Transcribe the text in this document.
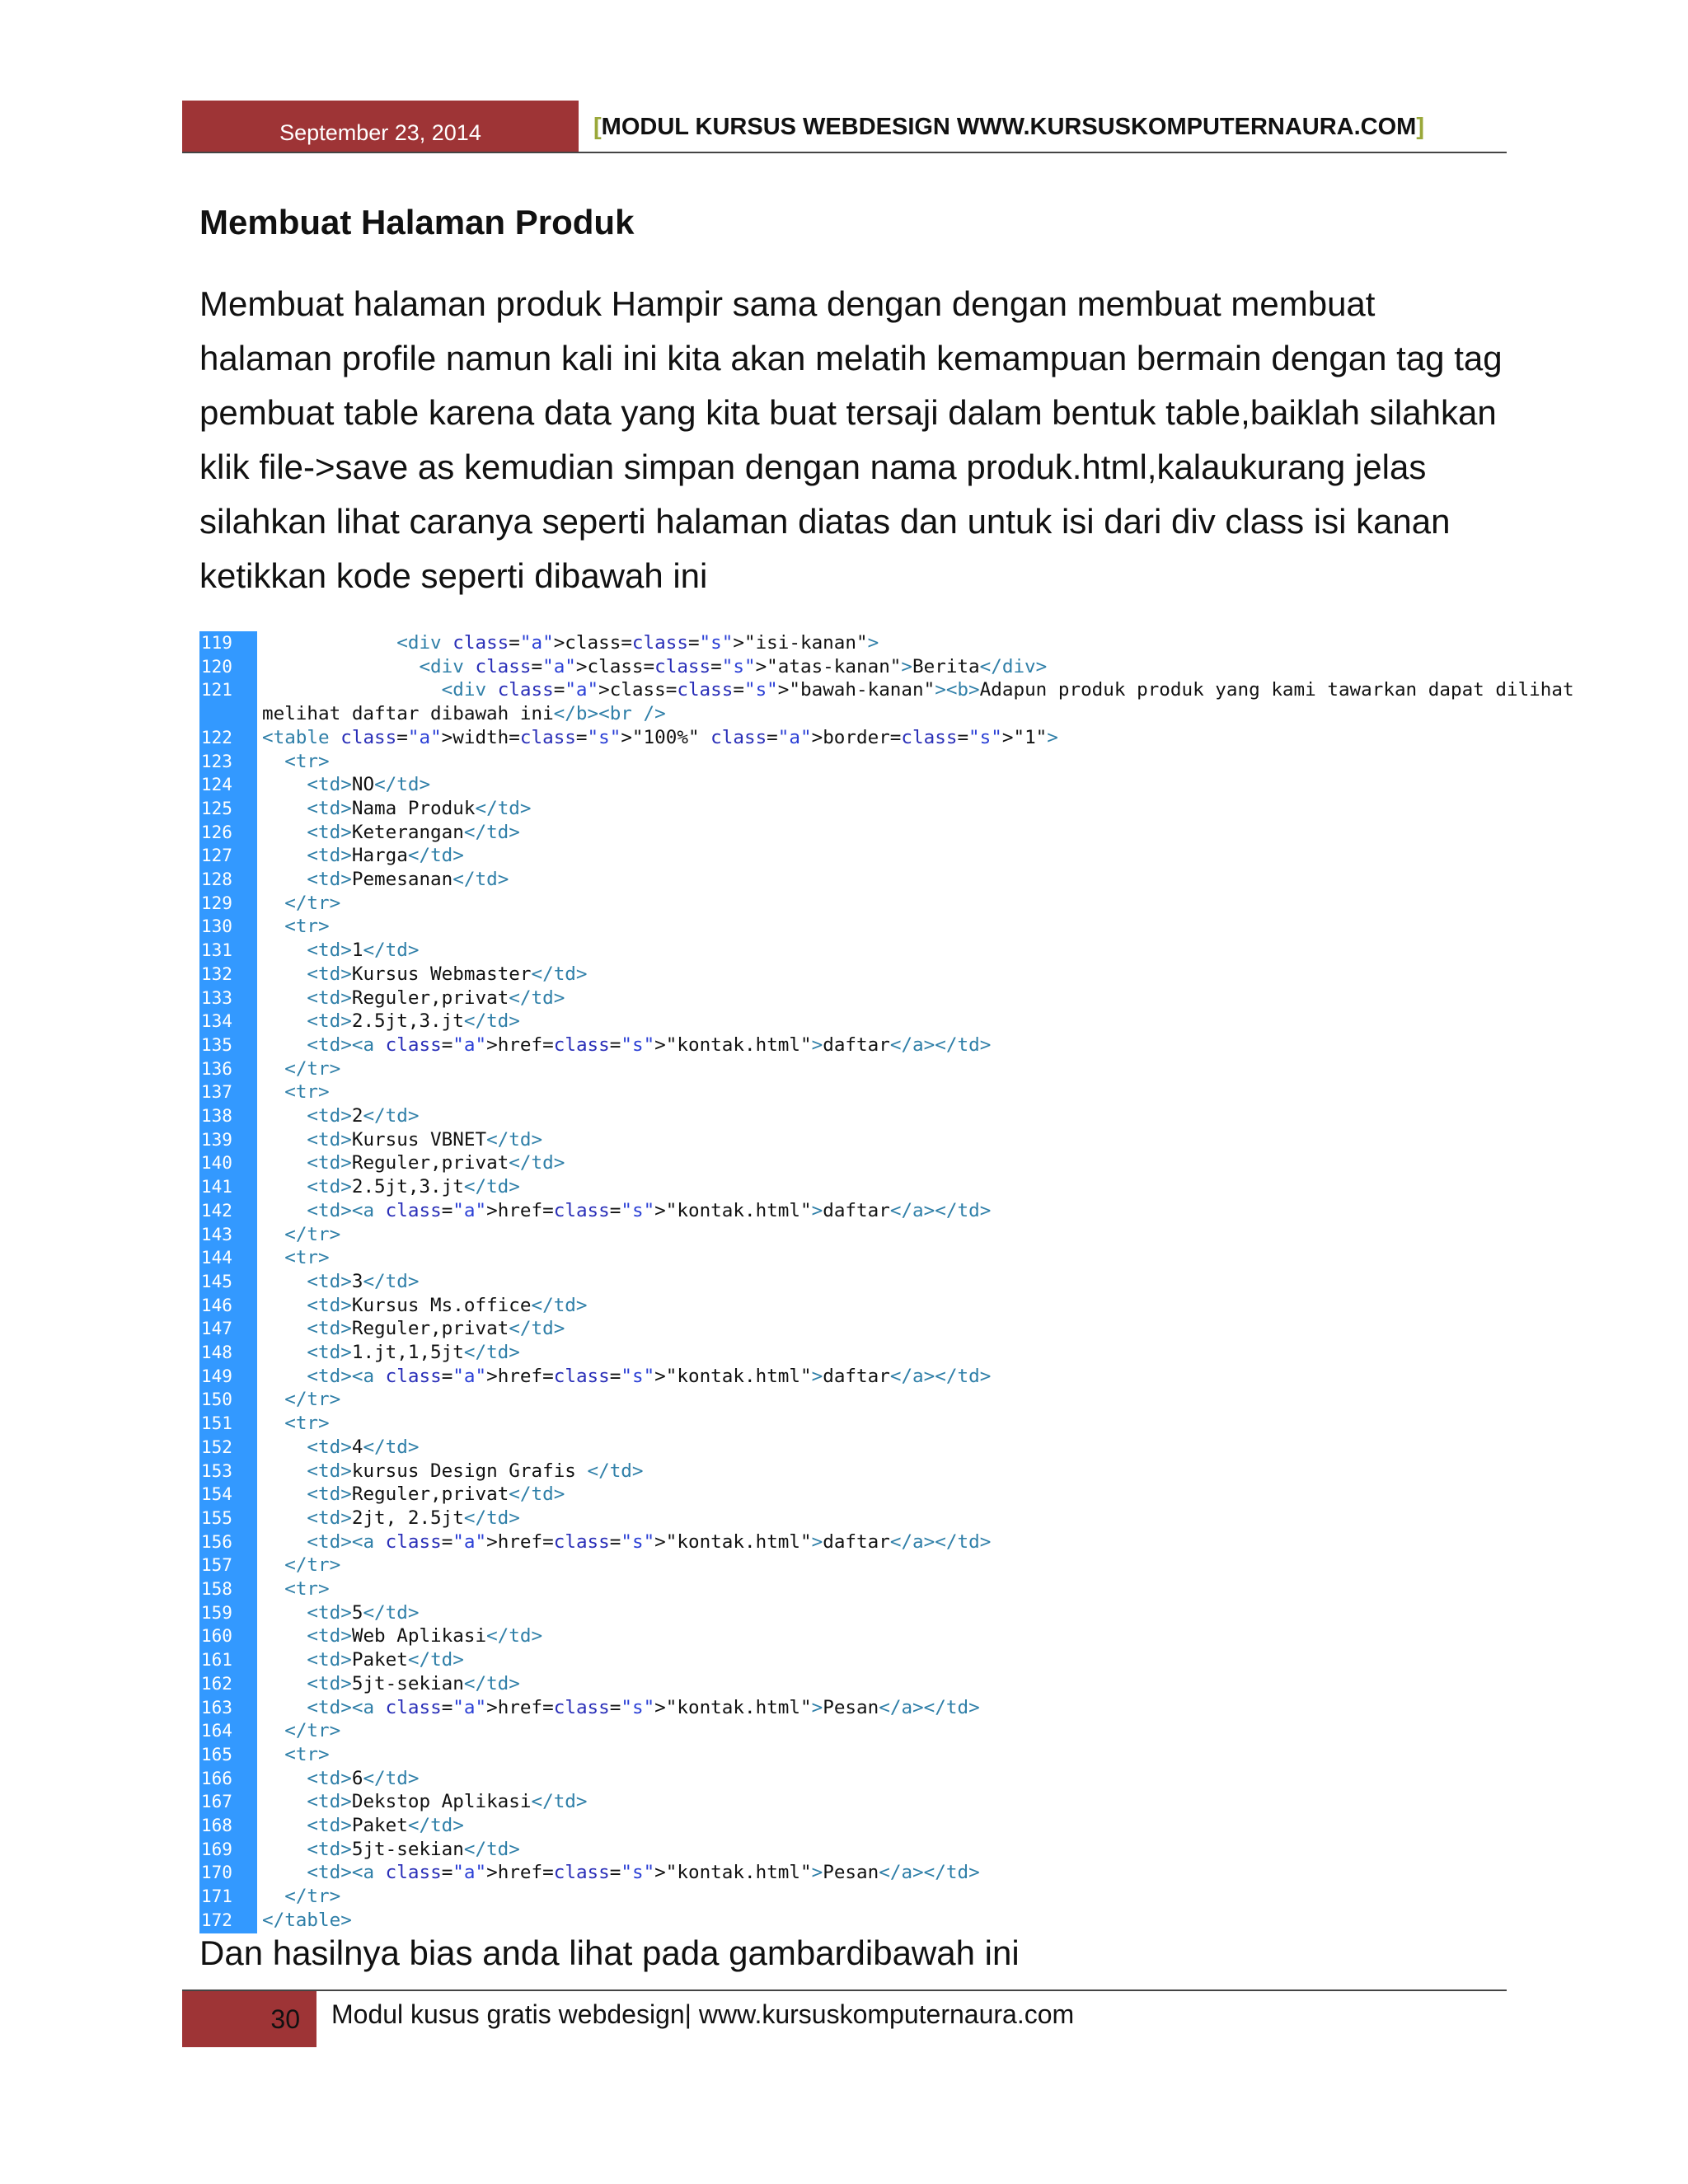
September 23, 2014	[ MODUL KURSUS WEBDESIGN WWW.KURSUSKOMPUTERNAURA.COM ]
Membuat Halaman Produk

Membuat halaman produk Hampir sama dengan dengan membuat membuat halaman profile namun kali ini kita akan melatih kemampuan bermain dengan tag tag pembuat table karena data yang kita buat tersaji dalam bentuk table,baiklah silahkan klik file->save as kemudian simpan dengan nama produk.html,kalaukurang jelas silahkan lihat caranya seperti halaman diatas dan untuk isi dari div class isi kanan ketikkan kode seperti dibawah ini

119
120
121
122
123
124
125
126
127
128
129
130
131
132
133
134
135
136
137
138
139
140
141
142
143
144
145
146
147
148
149
150
151
152
153
154
155
156
157
158
159
160
161
162
163
164
165
166
167
168
169
170
171
172
<div class="a">class=class="s">"isi-kanan">
<div class="a">class=class="s">"atas-kanan">Berita</div>
<div class="a">class=class="s">"bawah-kanan"><b>Adapun produk produk yang kami tawarkan dapat dilihat
melihat daftar dibawah ini</b><br />
<table class="a">width=class="s">"100%" class="a">border=class="s">"1">
<tr>
<td>NO</td>
<td>Nama Produk</td>
<td>Keterangan</td>
<td>Harga</td>
<td>Pemesanan</td>
</tr>
<tr>
<td>1</td>
<td>Kursus Webmaster</td>
<td>Reguler,privat</td>
<td>2.5jt,3.jt</td>
<td><a class="a">href=class="s">"kontak.html">daftar</a></td>
</tr>
<tr>
<td>2</td>
<td>Kursus VBNET</td>
<td>Reguler,privat</td>
<td>2.5jt,3.jt</td>
<td><a class="a">href=class="s">"kontak.html">daftar</a></td>
</tr>
<tr>
<td>3</td>
<td>Kursus Ms.office</td>
<td>Reguler,privat</td>
<td>1.jt,1,5jt</td>
<td><a class="a">href=class="s">"kontak.html">daftar</a></td>
</tr>
<tr>
<td>4</td>
<td>kursus Design Grafis </td>
<td>Reguler,privat</td>
<td>2jt, 2.5jt</td>
<td><a class="a">href=class="s">"kontak.html">daftar</a></td>
</tr>
<tr>
<td>5</td>
<td>Web Aplikasi</td>
<td>Paket</td>
<td>5jt-sekian</td>
<td><a class="a">href=class="s">"kontak.html">Pesan</a></td>
</tr>
<tr>
<td>6</td>
<td>Dekstop Aplikasi</td>
<td>Paket</td>
<td>5jt-sekian</td>
<td><a class="a">href=class="s">"kontak.html">Pesan</a></td>
</tr>
</table>

Dan hasilnya bias anda lihat pada gambardibawah ini

30 Modul kusus gratis webdesign| www.kursuskomputernaura.com
